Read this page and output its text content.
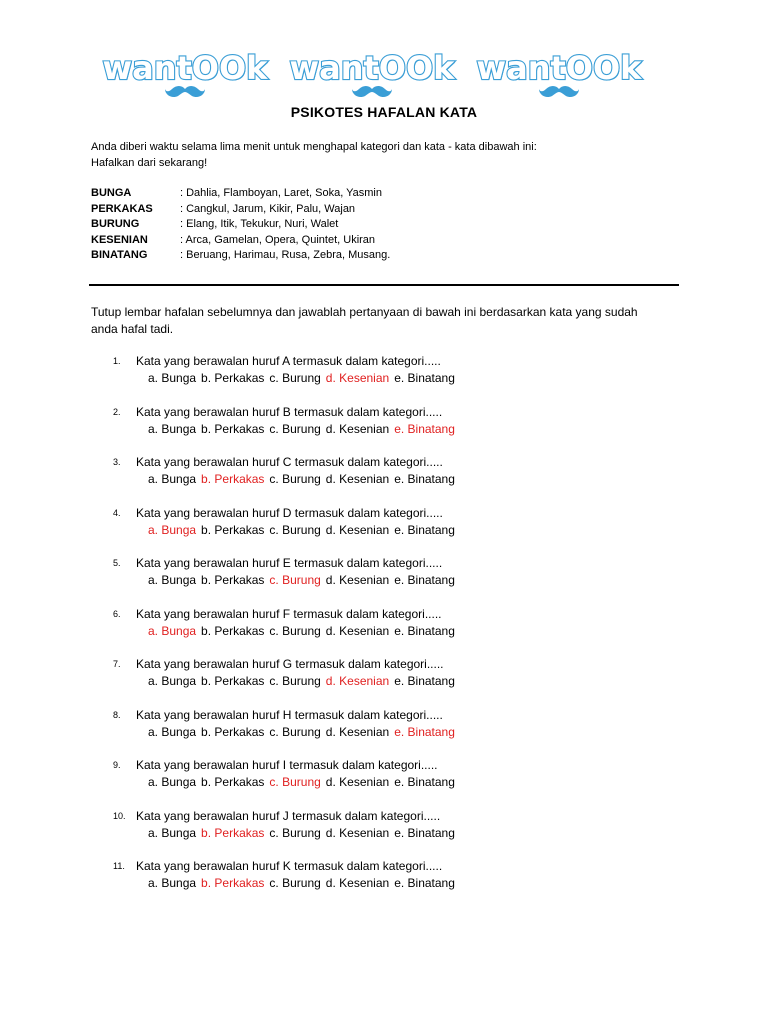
wantOOk wantOOk wantOOk
PSIKOTES HAFALAN KATA
Anda diberi waktu selama lima menit untuk menghapal kategori dan kata - kata dibawah ini:
Hafalkan dari sekarang!
BUNGA	: Dahlia, Flamboyan, Laret, Soka, Yasmin
PERKAKAS	: Cangkul, Jarum, Kikir, Palu, Wajan
BURUNG	: Elang, Itik, Tekukur, Nuri, Walet
KESENIAN	: Arca, Gamelan, Opera, Quintet, Ukiran
BINATANG	: Beruang, Harimau, Rusa, Zebra, Musang.
Tutup lembar hafalan sebelumnya dan jawablah pertanyaan di bawah ini berdasarkan kata yang sudah
anda hafal tadi.
1. Kata yang berawalan huruf A termasuk dalam kategori.....
a. Bunga b. Perkakas c. Burung d. Kesenian e. Binatang
2. Kata yang berawalan huruf B termasuk dalam kategori.....
a. Bunga b. Perkakas c. Burung d. Kesenian e. Binatang
3. Kata yang berawalan huruf C termasuk dalam kategori.....
a. Bunga b. Perkakas c. Burung d. Kesenian e. Binatang
4. Kata yang berawalan huruf D termasuk dalam kategori.....
a. Bunga b. Perkakas c. Burung d. Kesenian e. Binatang
5. Kata yang berawalan huruf E termasuk dalam kategori.....
a. Bunga b. Perkakas c. Burung d. Kesenian e. Binatang
6. Kata yang berawalan huruf F termasuk dalam kategori.....
a. Bunga b. Perkakas c. Burung d. Kesenian e. Binatang
7. Kata yang berawalan huruf G termasuk dalam kategori.....
a. Bunga b. Perkakas c. Burung d. Kesenian e. Binatang
8. Kata yang berawalan huruf H termasuk dalam kategori.....
a. Bunga b. Perkakas c. Burung d. Kesenian e. Binatang
9. Kata yang berawalan huruf I termasuk dalam kategori.....
a. Bunga b. Perkakas c. Burung d. Kesenian e. Binatang
10. Kata yang berawalan huruf J termasuk dalam kategori.....
a. Bunga b. Perkakas c. Burung d. Kesenian e. Binatang
11. Kata yang berawalan huruf K termasuk dalam kategori.....
a. Bunga b. Perkakas c. Burung d. Kesenian e. Binatang
